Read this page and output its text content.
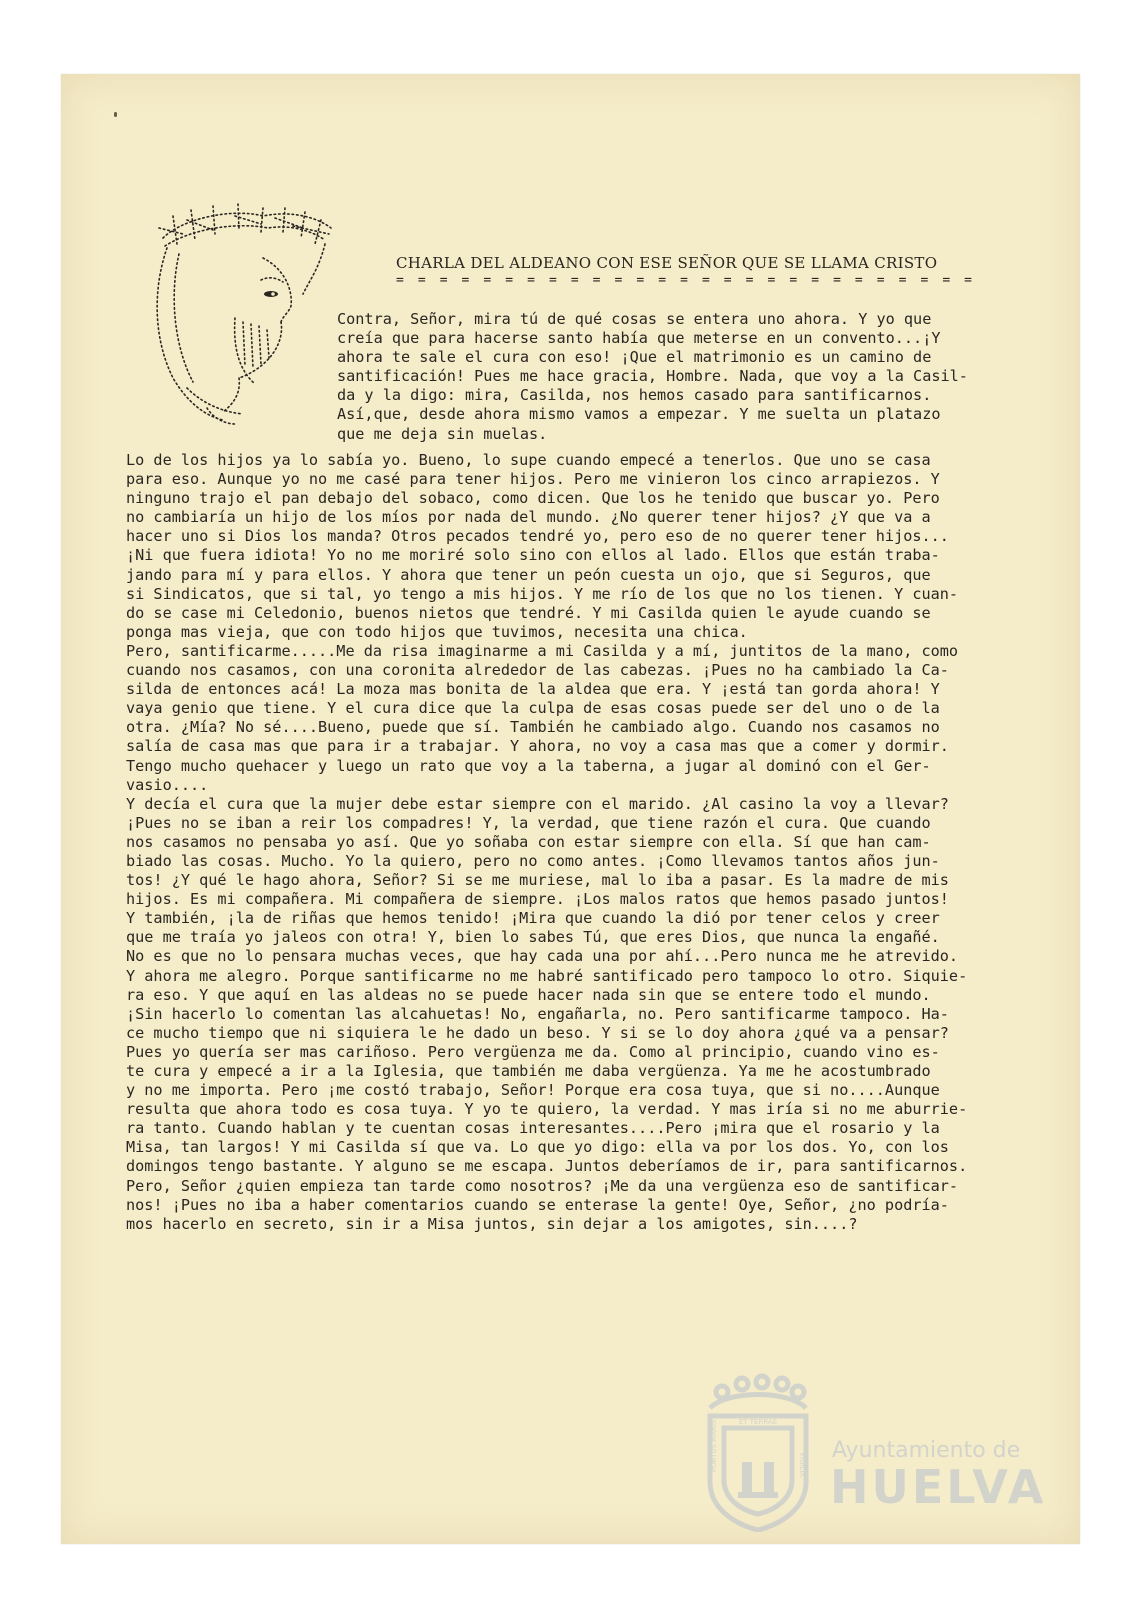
CHARLA DEL ALDEANO CON ESE SEÑOR QUE SE LLAMA CRISTO
= = = = = = = = = = = = = = = = = = = = = = = = = = =
Contra, Señor, mira tú de qué cosas se entera uno ahora. Y yo que
creía que para hacerse santo había que meterse en un convento...¡Y
ahora te sale el cura con eso! ¡Que el matrimonio es un camino de
santificación! Pues me hace gracia, Hombre. Nada, que voy a la Casil-
da y la digo: mira, Casilda, nos hemos casado para santificarnos.
Así,que, desde ahora mismo vamos a empezar. Y me suelta un platazo
que me deja sin muelas.
Lo de los hijos ya lo sabía yo. Bueno, lo supe cuando empecé a tenerlos. Que uno se casa
para eso. Aunque yo no me casé para tener hijos. Pero me vinieron los cinco arrapiezos. Y
ninguno trajo el pan debajo del sobaco, como dicen. Que los he tenido que buscar yo. Pero
no cambiaría un hijo de los míos por nada del mundo. ¿No querer tener hijos? ¿Y que va a
hacer uno si Dios los manda? Otros pecados tendré yo, pero eso de no querer tener hijos...
¡Ni que fuera idiota! Yo no me moriré solo sino con ellos al lado. Ellos que están traba-
jando para mí y para ellos. Y ahora que tener un peón cuesta un ojo, que si Seguros, que
si Sindicatos, que si tal, yo tengo a mis hijos. Y me río de los que no los tienen. Y cuan-
do se case mi Celedonio, buenos nietos que tendré. Y mi Casilda quien le ayude cuando se
ponga mas vieja, que con todo hijos que tuvimos, necesita una chica.
Pero, santificarme.....Me da risa imaginarme a mi Casilda y a mí, juntitos de la mano, como
cuando nos casamos, con una coronita alrededor de las cabezas. ¡Pues no ha cambiado la Ca-
silda de entonces acá! La moza mas bonita de la aldea que era. Y ¡está tan gorda ahora! Y
vaya genio que tiene. Y el cura dice que la culpa de esas cosas puede ser del uno o de la
otra. ¿Mía? No sé....Bueno, puede que sí. También he cambiado algo. Cuando nos casamos no
salía de casa mas que para ir a trabajar. Y ahora, no voy a casa mas que a comer y dormir.
Tengo mucho quehacer y luego un rato que voy a la taberna, a jugar al dominó con el Ger-
vasio....
Y decía el cura que la mujer debe estar siempre con el marido. ¿Al casino la voy a llevar?
¡Pues no se iban a reir los compadres! Y, la verdad, que tiene razón el cura. Que cuando
nos casamos no pensaba yo así. Que yo soñaba con estar siempre con ella. Sí que han cam-
biado las cosas. Mucho. Yo la quiero, pero no como antes. ¡Como llevamos tantos años jun-
tos! ¿Y qué le hago ahora, Señor? Si se me muriese, mal lo iba a pasar. Es la madre de mis
hijos. Es mi compañera. Mi compañera de siempre. ¡Los malos ratos que hemos pasado juntos!
Y también, ¡la de riñas que hemos tenido! ¡Mira que cuando la dió por tener celos y creer
que me traía yo jaleos con otra! Y, bien lo sabes Tú, que eres Dios, que nunca la engañé.
No es que no lo pensara muchas veces, que hay cada una por ahí...Pero nunca me he atrevido.
Y ahora me alegro. Porque santificarme no me habré santificado pero tampoco lo otro. Siquie-
ra eso. Y que aquí en las aldeas no se puede hacer nada sin que se entere todo el mundo.
¡Sin hacerlo lo comentan las alcahuetas! No, engañarla, no. Pero santificarme tampoco. Ha-
ce mucho tiempo que ni siquiera le he dado un beso. Y si se lo doy ahora ¿qué va a pensar?
Pues yo quería ser mas cariñoso. Pero vergüenza me da. Como al principio, cuando vino es-
te cura y empecé a ir a la Iglesia, que también me daba vergüenza. Ya me he acostumbrado
y no me importa. Pero ¡me costó trabajo, Señor! Porque era cosa tuya, que si no....Aunque
resulta que ahora todo es cosa tuya. Y yo te quiero, la verdad. Y mas iría si no me aburrie-
ra tanto. Cuando hablan y te cuentan cosas interesantes....Pero ¡mira que el rosario y la
Misa, tan largos! Y mi Casilda sí que va. Lo que yo digo: ella va por los dos. Yo, con los
domingos tengo bastante. Y alguno se me escapa. Juntos deberíamos de ir, para santificarnos.
Pero, Señor ¿quien empieza tan tarde como nosotros? ¡Me da una vergüenza eso de santificar-
nos! ¡Pues no iba a haber comentarios cuando se enterase la gente! Oye, Señor, ¿no podría-
mos hacerlo en secreto, sin ir a Misa juntos, sin dejar a los amigotes, sin....?
ET TERRAE
PORTUS MARIS	VIGILIA
Ayuntamiento de
HUELVA
